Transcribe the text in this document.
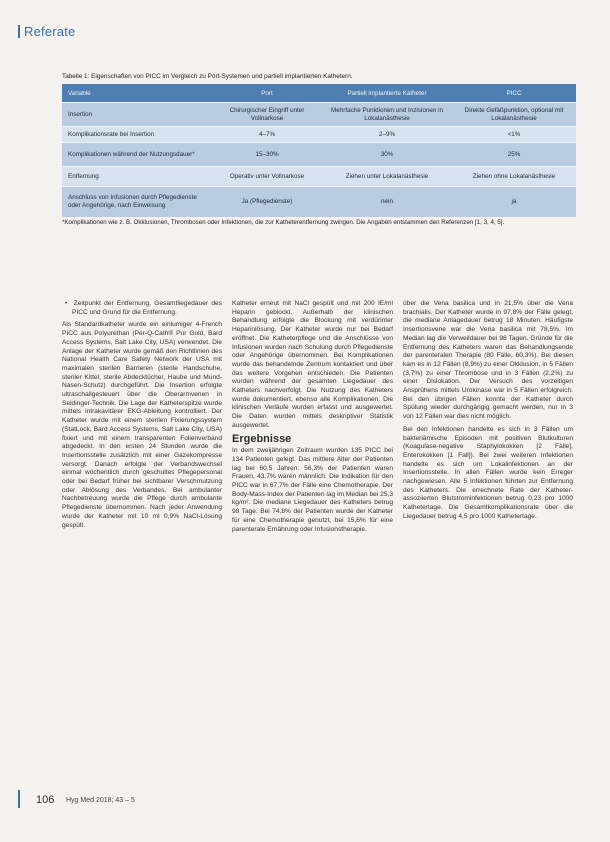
Referate
Tabelle 1: Eigenschaften von PICC im Vergleich zu Port-Systemen und partiell implantierten Kathetern.
Variable	Port	Partiell implantierte Katheter	PICC
Insertion	Chirurgischer Eingriff unter Vollnarkose	Mehrfache Punktionen und Inzisionen in Lokalanästhesie	Direkte Gefäßpunktion, optional mit Lokalanästhesie
Komplikationsrate bei Insertion	4–7%	2–9%	<1%
Komplikationen während der Nutzungsdauer*	15–30%	30%	25%
Entfernung	Operativ unter Vollnarkose	Ziehen unter Lokalanästhesie	Ziehen ohne Lokalanästhesie
Anschluss von Infusionen durch Pflegedienste oder Angehörige, nach Einweisung	Ja (Pflegedienste)	nein	ja
*Komplikationen wie z. B. Okklusionen, Thrombosen oder Infektionen, die zur Katheterentfernung zwingen. Die Angaben entstammen den Referenzen [1, 3, 4, 5].

•  Zeitpunkt der Entfernung, Gesamtliegedauer des PICC und Grund für die Entfernung.

Als Standardkatheter wurde ein einlumiger 4-French PICC aus Polyurethan (Per-Q-Cath® Pur Gold, Bard Access Systems, Salt Lake City, USA) verwendet. Die Anlage der Katheter wurde gemäß den Richtlinien des National Health Care Safety Network der USA mit maximalen sterilen Barrieren (sterile Handschuhe, steriler Kittel, sterile Abdecktücher, Haube und Mund-Nasen-Schutz) durchgeführt. Die Insertion erfolgte ultraschallgesteuert über die Oberarmvenen in Seldinger-Technik. Die Lage der Katheterspitze wurde mittels intrakavitärer EKG-Ableitung kontrolliert. Der Katheter wurde mit einem sterilen Fixierungssystem (StatLock, Bard Access Systems, Salt Lake City, USA) fixiert und mit einem transparenten Folienverband abgedeckt. In den ersten 24 Stunden wurde die Insertionsstelle zusätzlich mit einer Gazekompresse versorgt. Danach erfolgte der Verbandswechsel einmal wöchentlich durch geschultes Pflegepersonal oder bei Bedarf früher bei sichtbarer Verschmutzung oder Ablösung des Verbandes. Bei ambulanter Nachbetreuung wurde die Pflege durch ambulante Pflegedienste übernommen. Nach jeder Anwendung wurde der Katheter mit 10 ml 0,9% NaCl-Lösung gespült.

Katheter erneut mit NaCl gespült und mit 200 IE/ml Heparin geblockt. Außerhalb der klinischen Behandlung erfolgte die Blockung mit verdünnter Heparinlösung. Der Katheter wurde nur bei Bedarf eröffnet. Die Katheterpflege und die Anschlüsse von Infusionen wurden nach Schulung durch Pflegedienste oder Angehörige übernommen. Bei Komplikationen wurde das behandelnde Zentrum kontaktiert und über das weitere Vorgehen entschieden. Die Patienten wurden während der gesamten Liegedauer des Katheters nachverfolgt. Die Nutzung des Katheters wurde dokumentiert, ebenso alle Komplikationen. Die klinischen Verläufe wurden erfasst und ausgewertet. Die Daten wurden mittels deskriptiver Statistik ausgewertet.

Ergebnisse

In dem zweijährigen Zeitraum wurden 135 PICC bei 134 Patienten gelegt. Das mittlere Alter der Patienten lag bei 60,5 Jahren. 56,3% der Patienten waren Frauen, 43,7% waren männlich. Die Indikation für den PICC war in 67,7% der Fälle eine Chemotherapie. Der Body-Mass-Index der Patienten lag im Median bei 25,3 kg/m². Die mediane Liegedauer des Katheters betrug 98 Tage. Bei 74,8% der Patienten wurde der Katheter für eine Chemotherapie genutzt, bei 15,6% für eine parenterale Ernährung oder Infusionstherapie.

über die Vena basilica und in 21,5% über die Vena brachialis. Der Katheter wurde in 97,8% der Fälle gelegt, die mediane Anlagedauer betrug 18 Minuten. Häufigste Insertionsvene war die Vena basilica mit 78,5%. Im Median lag die Verweildauer bei 98 Tagen. Gründe für die Entfernung des Katheters waren das Behandlungsende der parenteralen Therapie (80 Fälle, 60,3%). Bei diesen kam es in 12 Fällen (8,9%) zu einer Okklusion, in 5 Fällen (3,7%) zu einer Thrombose und in 3 Fällen (2,2%) zu einer Dislokation. Der Versuch des vorzeitigen Ansprühens mittels Urokinase war in 5 Fällen erfolgreich. Bei den übrigen Fällen konnte der Katheter durch Spülung wieder durchgängig gemacht werden, nur in 3 von 12 Fällen war dies nicht möglich.

Bei den Infektionen handelte es sich in 3 Fällen um bakteriämische Episoden mit positiven Blutkulturen (Koagulase-negative Staphylokokken [2 Fälle], Enterokokken [1 Fall]). Bei zwei weiteren Infektionen handelte es sich um Lokalinfektionen an der Insertionsstelle. In allen Fällen wurde kein Erreger nachgewiesen. Alle 5 Infektionen führten zur Entfernung des Katheters. Die errechnete Rate der Katheter-assoziierten Blutstrominfektionen betrug 0,23 pro 1000 Kathetertage. Die Gesamtkomplikationsrate über die Liegedauer betrug 4,5 pro 1000 Kathetertage.

106 Hyg Med 2018; 43 – 5
